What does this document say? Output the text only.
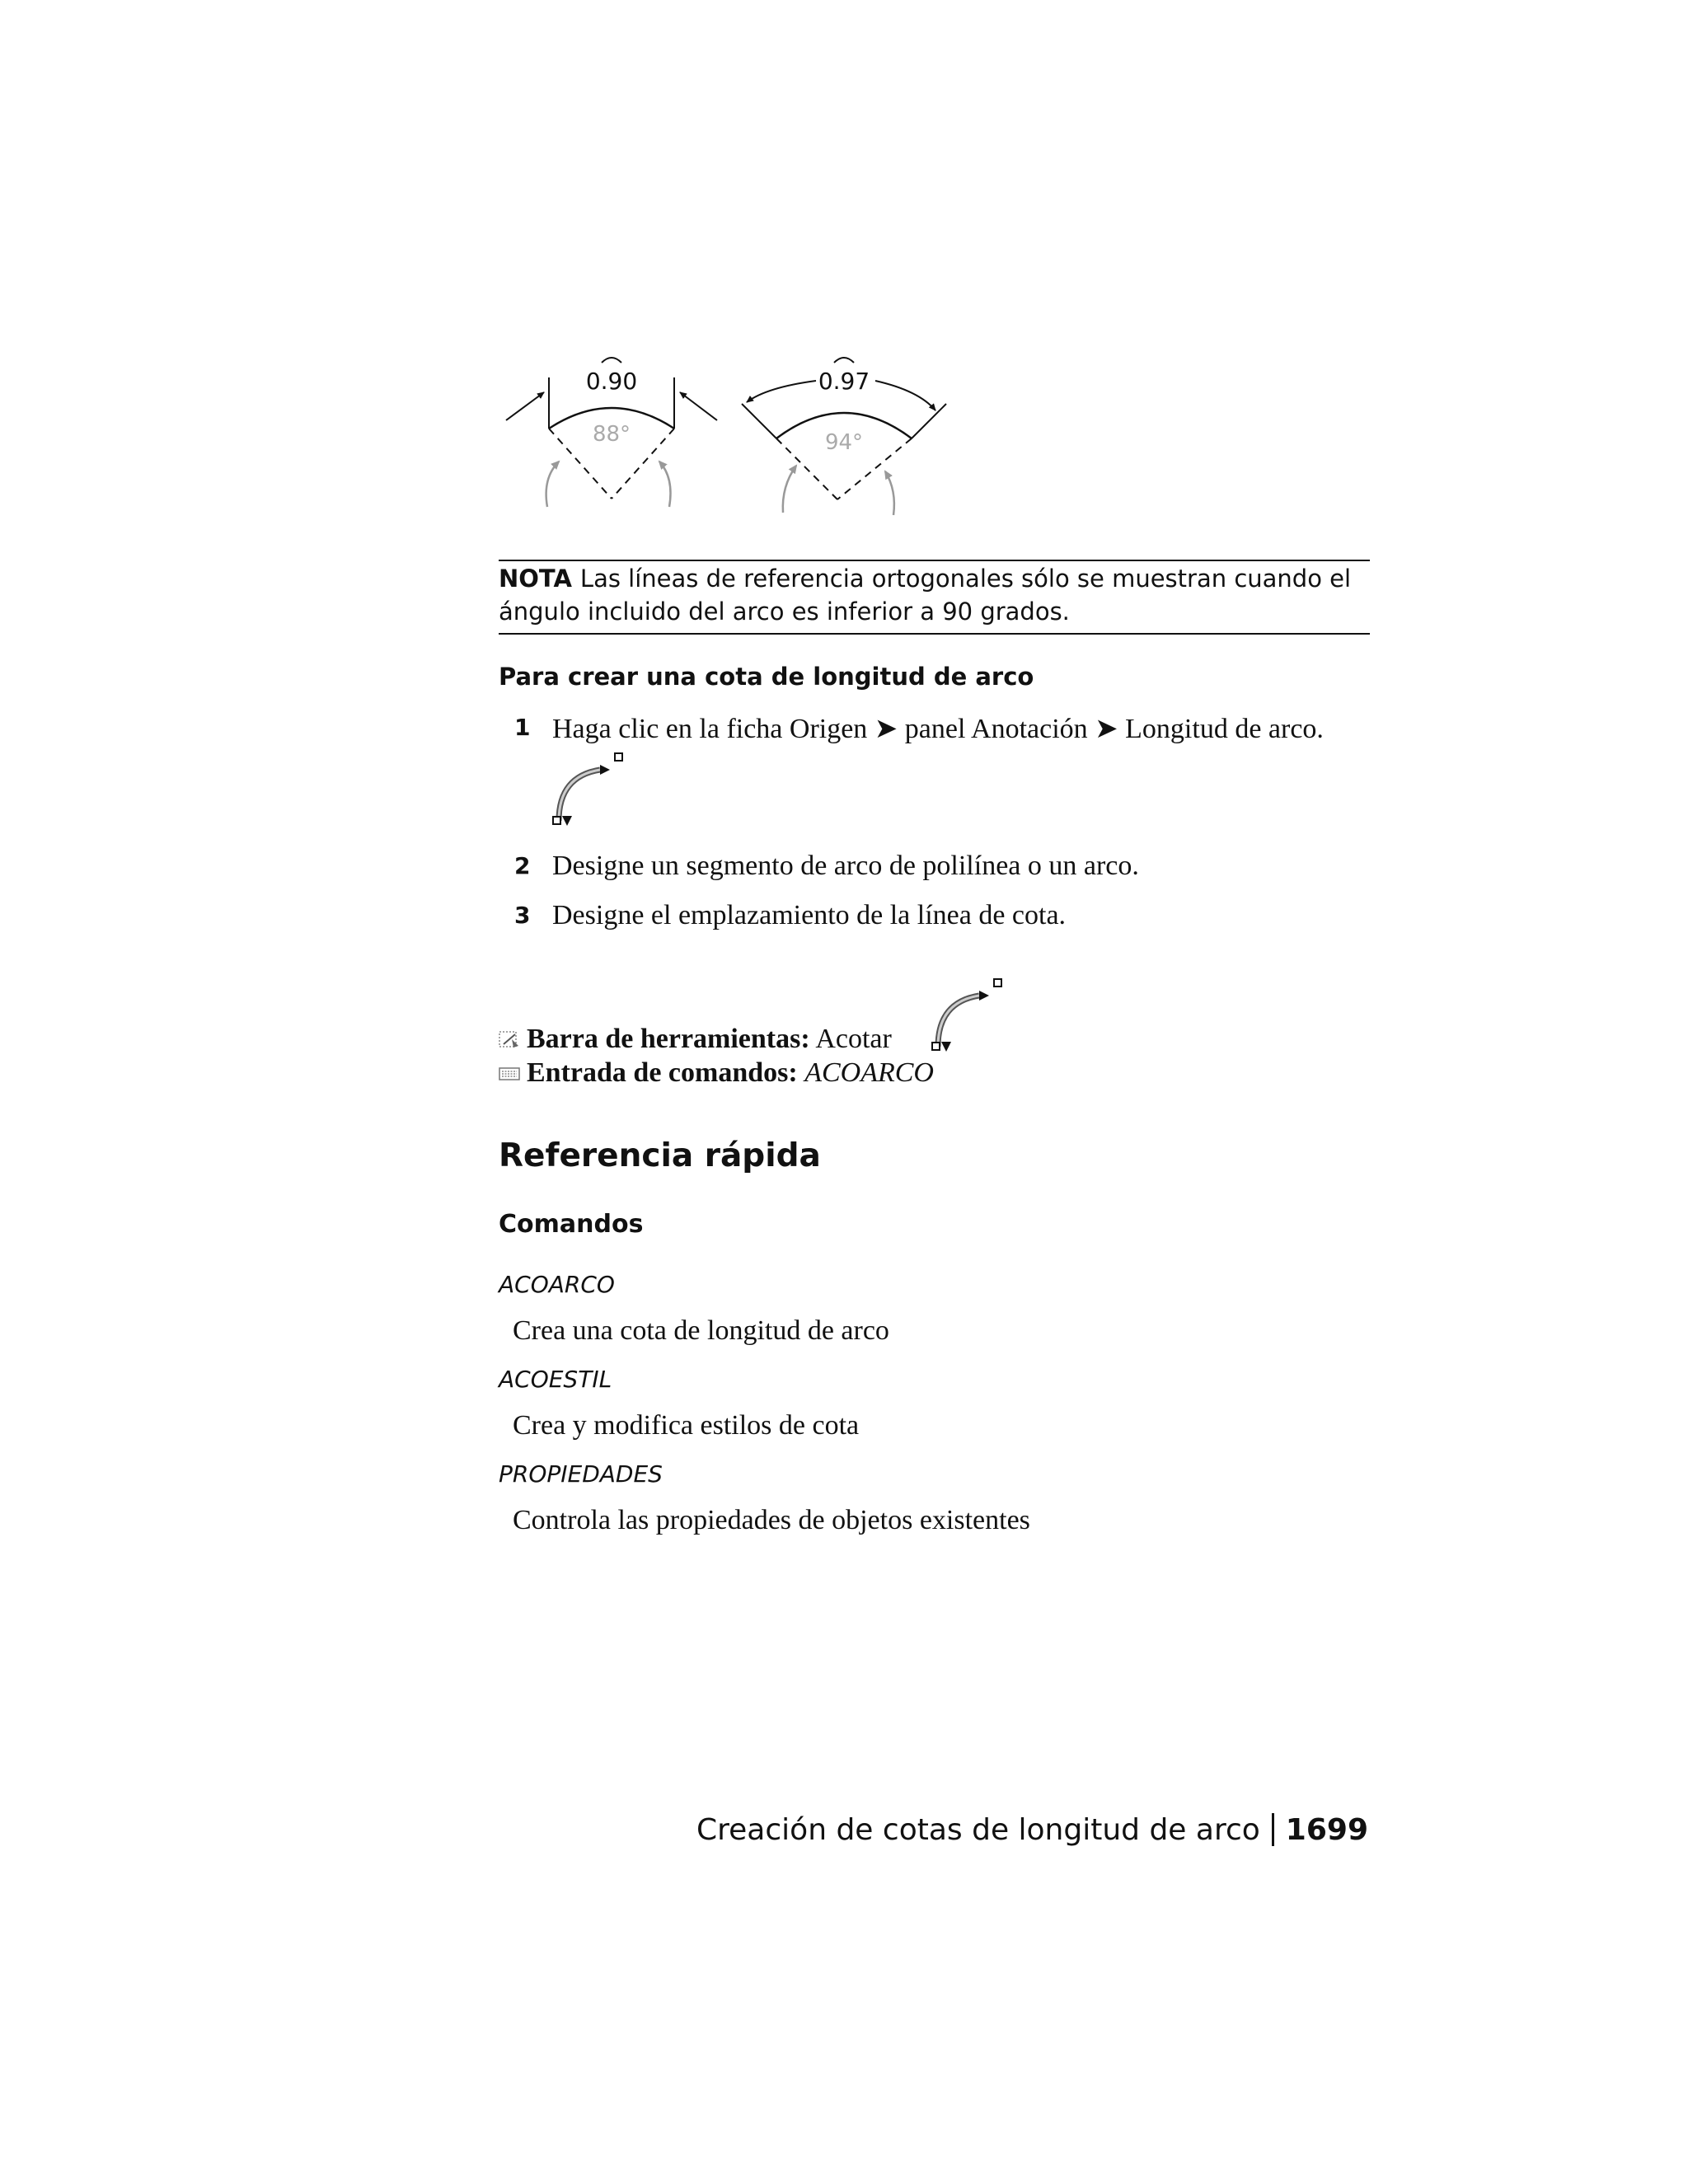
0.90
88°
0.97
94°
NOTA Las líneas de referencia ortogonales sólo se muestran cuando el ángulo incluido del arco es inferior a 90 grados.
Para crear una cota de longitud de arco
1 Haga clic en la ficha Origen ➤ panel Anotación ➤ Longitud de arco.
2 Designe un segmento de arco de polilínea o un arco.
3 Designe el emplazamiento de la línea de cota.
Barra de herramientas: Acotar
Entrada de comandos: ACOARCO
Referencia rápida
Comandos
ACOARCO
Crea una cota de longitud de arco
ACOESTIL
Crea y modifica estilos de cota
PROPIEDADES
Controla las propiedades de objetos existentes
Creación de cotas de longitud de arco 1699
